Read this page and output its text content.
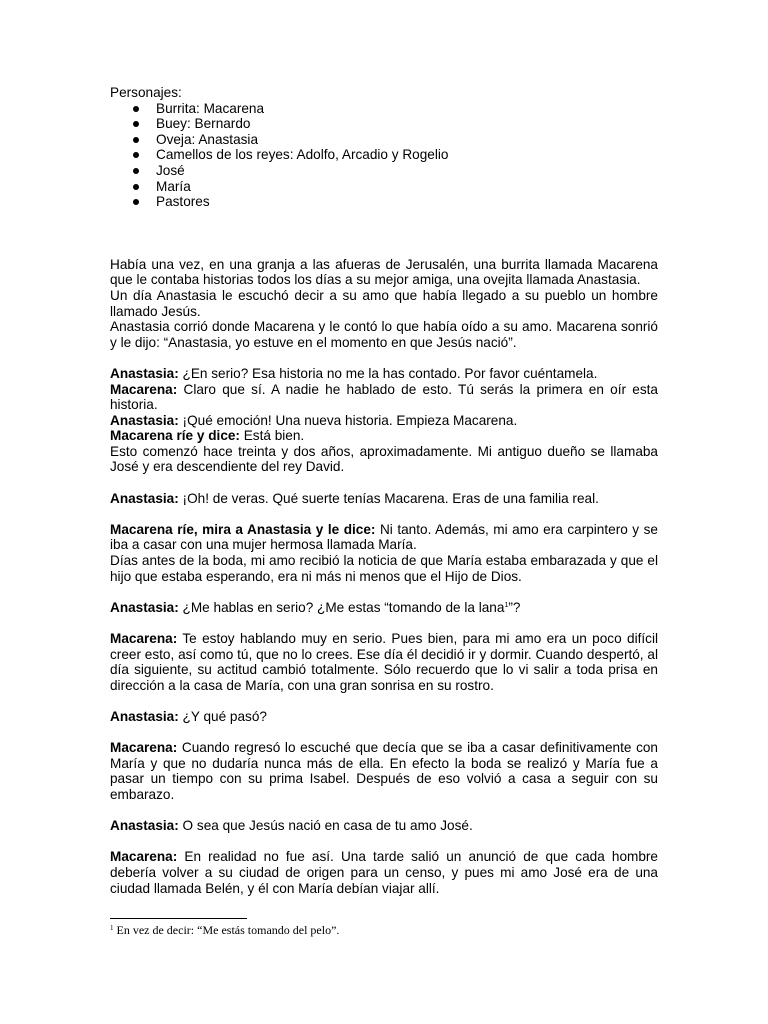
Personajes:

Burrita: Macarena
Buey: Bernardo
Oveja: Anastasia
Camellos de los reyes: Adolfo, Arcadio y Rogelio
José
María
Pastores

Había una vez, en una granja a las afueras de Jerusalén, una burrita llamada Macarena que le contaba historias todos los días a su mejor amiga, una ovejita llamada Anastasia.

Un día Anastasia le escuchó decir a su amo que había llegado a su pueblo un hombre llamado Jesús.

Anastasia corrió donde Macarena y le contó lo que había oído a su amo. Macarena sonrió y le dijo: “Anastasia, yo estuve en el momento en que Jesús nació”.

Anastasia: ¿En serio? Esa historia no me la has contado. Por favor cuéntamela.

Macarena: Claro que sí. A nadie he hablado de esto. Tú serás la primera en oír esta historia.

Anastasia: ¡Qué emoción! Una nueva historia. Empieza Macarena.

Macarena ríe y dice: Está bien.

Esto comenzó hace treinta y dos años, aproximadamente. Mi antiguo dueño se llamaba José y era descendiente del rey David.

Anastasia: ¡Oh! de veras. Qué suerte tenías Macarena. Eras de una familia real.

Macarena ríe, mira a Anastasia y le dice: Ni tanto. Además, mi amo era carpintero y se iba a casar con una mujer hermosa llamada María.

Días antes de la boda, mi amo recibió la noticia de que María estaba embarazada y que el hijo que estaba esperando, era ni más ni menos que el Hijo de Dios.

Anastasia: ¿Me hablas en serio? ¿Me estas “tomando de la lana$^1$”?

Macarena: Te estoy hablando muy en serio. Pues bien, para mi amo era un poco difícil creer esto, así como tú, que no lo crees. Ese día él decidió ir y dormir. Cuando despertó, al día siguiente, su actitud cambió totalmente. Sólo recuerdo que lo vi salir a toda prisa en dirección a la casa de María, con una gran sonrisa en su rostro.

Anastasia: ¿Y qué pasó?

Macarena: Cuando regresó lo escuché que decía que se iba a casar definitivamente con María y que no dudaría nunca más de ella. En efecto la boda se realizó y María fue a pasar un tiempo con su prima Isabel. Después de eso volvió a casa a seguir con su embarazo.

Anastasia: O sea que Jesús nació en casa de tu amo José.

Macarena: En realidad no fue así. Una tarde salió un anunció de que cada hombre debería volver a su ciudad de origen para un censo, y pues mi amo José era de una ciudad llamada Belén, y él con María debían viajar allí.

$^1$ En vez de decir: “Me estás tomando del pelo”.
